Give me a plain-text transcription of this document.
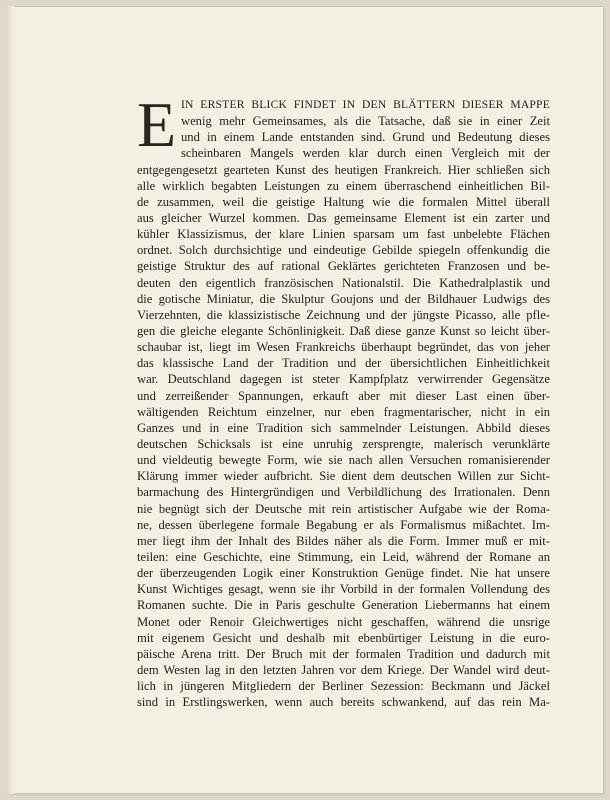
E IN ERSTER BLICK FINDET IN DEN BLÄTTERN DIESER MAPPE
wenig mehr Gemeinsames, als die Tatsache, daß sie in einer Zeit
und in einem Lande entstanden sind. Grund und Bedeutung dieses
scheinbaren Mangels werden klar durch einen Vergleich mit der
entgegengesetzt gearteten Kunst des heutigen Frankreich. Hier schließen sich
alle wirklich begabten Leistungen zu einem überraschend einheitlichen Bil-
de zusammen, weil die geistige Haltung wie die formalen Mittel überall
aus gleicher Wurzel kommen. Das gemeinsame Element ist ein zarter und
kühler Klassizismus, der klare Linien sparsam um fast unbelebte Flächen
ordnet. Solch durchsichtige und eindeutige Gebilde spiegeln offenkundig die
geistige Struktur des auf rational Geklärtes gerichteten Franzosen und be-
deuten den eigentlich französischen Nationalstil. Die Kathedralplastik und
die gotische Miniatur, die Skulptur Goujons und der Bildhauer Ludwigs des
Vierzehnten, die klassizistische Zeichnung und der jüngste Picasso, alle pfle-
gen die gleiche elegante Schönlinigkeit. Daß diese ganze Kunst so leicht über-
schaubar ist, liegt im Wesen Frankreichs überhaupt begründet, das von jeher
das klassische Land der Tradition und der übersichtlichen Einheitlichkeit
war. Deutschland dagegen ist steter Kampfplatz verwirrender Gegensätze
und zerreißender Spannungen, erkauft aber mit dieser Last einen über-
wältigenden Reichtum einzelner, nur eben fragmentarischer, nicht in ein
Ganzes und in eine Tradition sich sammelnder Leistungen. Abbild dieses
deutschen Schicksals ist eine unruhig zersprengte, malerisch verunklärte
und vieldeutig bewegte Form, wie sie nach allen Versuchen romanisierender
Klärung immer wieder aufbricht. Sie dient dem deutschen Willen zur Sicht-
barmachung des Hintergründigen und Verbildlichung des Irrationalen. Denn
nie begnügt sich der Deutsche mit rein artistischer Aufgabe wie der Roma-
ne, dessen überlegene formale Begabung er als Formalismus mißachtet. Im-
mer liegt ihm der Inhalt des Bildes näher als die Form. Immer muß er mit-
teilen: eine Geschichte, eine Stimmung, ein Leid, während der Romane an
der überzeugenden Logik einer Konstruktion Genüge findet. Nie hat unsere
Kunst Wichtiges gesagt, wenn sie ihr Vorbild in der formalen Vollendung des
Romanen suchte. Die in Paris geschulte Generation Liebermanns hat einem
Monet oder Renoir Gleichwertiges nicht geschaffen, während die unsrige
mit eigenem Gesicht und deshalb mit ebenbürtiger Leistung in die euro-
päische Arena tritt. Der Bruch mit der formalen Tradition und dadurch mit
dem Westen lag in den letzten Jahren vor dem Kriege. Der Wandel wird deut-
lich in jüngeren Mitgliedern der Berliner Sezession: Beckmann und Jäckel
sind in Erstlingswerken, wenn auch bereits schwankend, auf das rein Ma-
